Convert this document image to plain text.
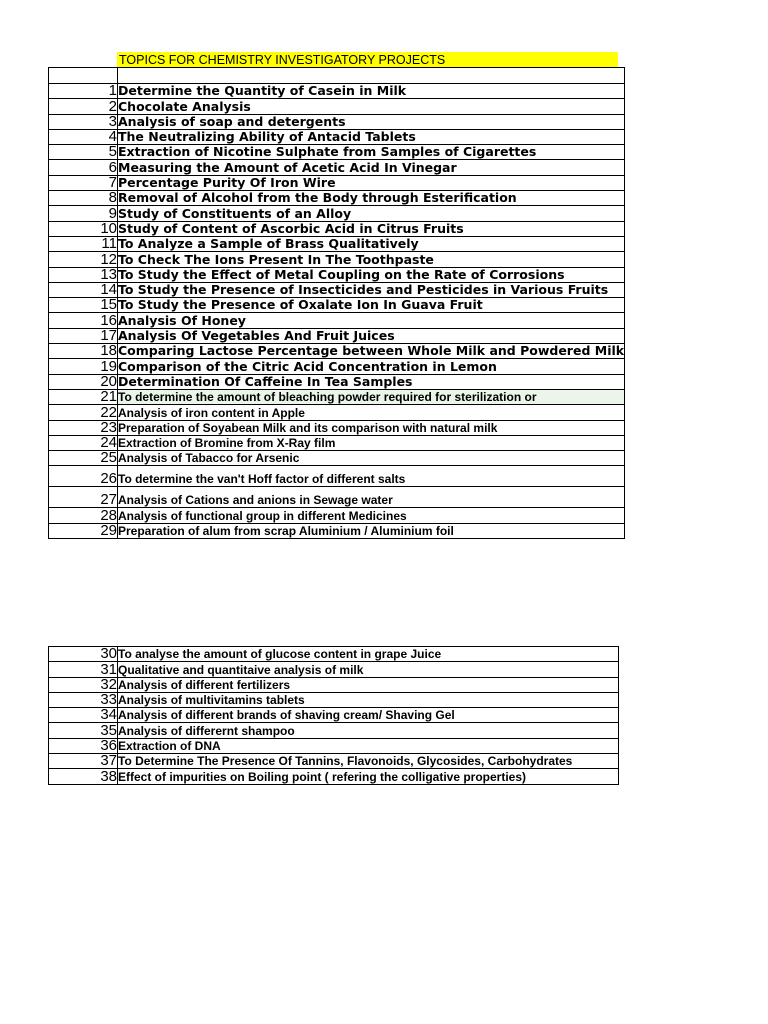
TOPICS FOR CHEMISTRY INVESTIGATORY PROJECTS

1	Determine the Quantity of Casein in Milk
2	Chocolate Analysis
3	Analysis of soap and detergents
4	The Neutralizing Ability of Antacid Tablets
5	Extraction of Nicotine Sulphate from Samples of Cigarettes
6	Measuring the Amount of Acetic Acid In Vinegar
7	Percentage Purity Of Iron Wire
8	Removal of Alcohol from the Body through Esterification
9	Study of Constituents of an Alloy
10	Study of Content of Ascorbic Acid in Citrus Fruits
11	To Analyze a Sample of Brass Qualitatively
12	To Check The Ions Present In The Toothpaste
13	To Study the Effect of Metal Coupling on the Rate of Corrosions
14	To Study the Presence of Insecticides and Pesticides in Various Fruits
15	To Study the Presence of Oxalate Ion In Guava Fruit
16	Analysis Of Honey
17	Analysis Of Vegetables And Fruit Juices
18	Comparing Lactose Percentage between Whole Milk and Powdered Milk
19	Comparison of the Citric Acid Concentration in Lemon
20	Determination Of Caffeine In Tea Samples
21	To determine the amount of bleaching powder required for sterilization or
22	Analysis of iron content in Apple
23	Preparation of Soyabean Milk and its comparison with natural milk
24	Extraction of Bromine from X-Ray film
25	Analysis of Tabacco for Arsenic
26	To determine the van't Hoff factor of different salts
27	Analysis of Cations and anions in Sewage water
28	Analysis of functional group in different Medicines
29	Preparation of alum from scrap Aluminium / Aluminium foil
30	To analyse the amount of glucose content in grape Juice
31	Qualitative and quantitaive analysis of milk
32	Analysis of different fertilizers
33	Analysis of multivitamins tablets
34	Analysis of different brands of shaving cream/ Shaving Gel
35	Analysis of differernt shampoo
36	Extraction of DNA
37	To Determine The Presence Of Tannins, Flavonoids, Glycosides, Carbohydrates
38	Effect of impurities on Boiling point ( refering the colligative properties)
